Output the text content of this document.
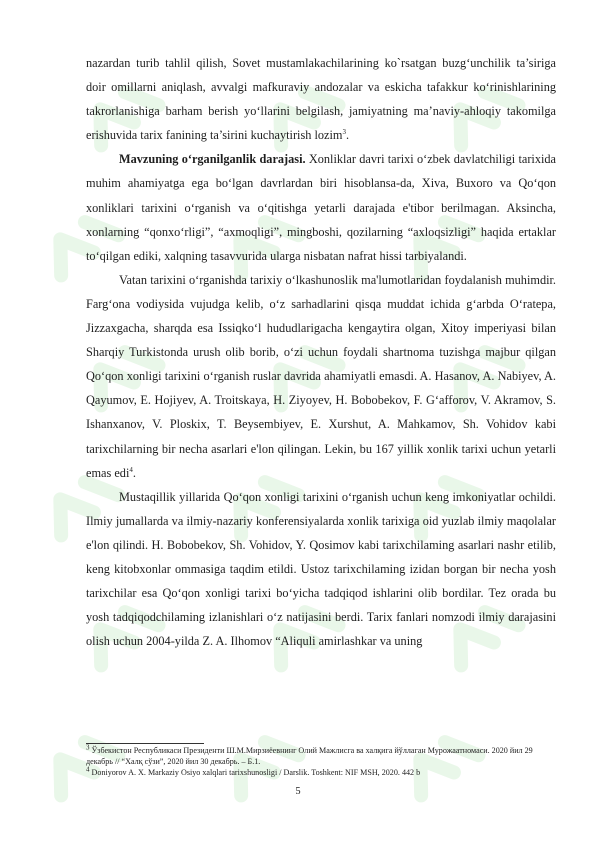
nazardan turib tahlil qilish, Sovet mustamlakachilarining ko`rsatgan buzg‘unchilik ta’siriga doir omillarni aniqlash, avvalgi mafkuraviy andozalar va eskicha tafakkur ko‘rinishlarining takrorlanishiga barham berish yo‘llarini belgilash, jamiyatning ma’naviy-ahloqiy takomilga erishuvida tarix fanining ta’sirini kuchaytirish lozim$^3$.

Mavzuning o‘rganilganlik darajasi. Xonliklar davri tarixi o‘zbek davlatchiligi tarixida muhim ahamiyatga ega bo‘lgan davrlardan biri hisoblansa-da, Xiva, Buxoro va Qo‘qon xonliklari tarixini o‘rganish va o‘qitishga yetarli darajada e'tibor berilmagan. Aksincha, xonlarning “qonxo‘rligi”, “axmoqligi”, mingboshi, qozilarning “axloqsizligi” haqida ertaklar to‘qilgan ediki, xalqning tasavvurida ularga nisbatan nafrat hissi tarbiyalandi.

Vatan tarixini o‘rganishda tarixiy o‘lkashunoslik ma'lumotlaridan foydalanish muhimdir. Farg‘ona vodiysida vujudga kelib, o‘z sarhadlarini qisqa muddat ichida g‘arbda O‘ratepa, Jizzaxgacha, sharqda esa Issiqko‘l hududlarigacha kengaytira olgan, Xitoy imperiyasi bilan Sharqiy Turkistonda urush olib borib, o‘zi uchun foydali shartnoma tuzishga majbur qilgan Qo‘qon xonligi tarixini o‘rganish ruslar davrida ahamiyatli emasdi. A. Hasanov, A. Nabiyev, A. Qayumov, E. Hojiyev, A. Troitskaya, H. Ziyoyev, H. Bobobekov, F. G‘afforov, V. Akramov, S. Ishanxanov, V. Ploskix, T. Beysembiyev, E. Xurshut, A. Mahkamov, Sh. Vohidov kabi tarixchilarning bir necha asarlari e'lon qilingan. Lekin, bu 167 yillik xonlik tarixi uchun yetarli emas edi$^4$.

Mustaqillik yillarida Qo‘qon xonligi tarixini o‘rganish uchun keng imkoniyatlar ochildi. Ilmiy jumallarda va ilmiy-nazariy konferensiyalarda xonlik tarixiga oid yuzlab ilmiy maqolalar e'lon qilindi. H. Bobobekov, Sh. Vohidov, Y. Qosimov kabi tarixchilaming asarlari nashr etilib, keng kitobxonlar ommasiga taqdim etildi. Ustoz tarixchilaming izidan borgan bir necha yosh tarixchilar esa Qo‘qon xonligi tarixi bo‘yicha tadqiqod ishlarini olib bordilar. Tez orada bu yosh tadqiqodchilaming izlanishlari o‘z natijasini berdi. Tarix fanlari nomzodi ilmiy darajasini olish uchun 2004-yilda Z. A. Ilhomov “Aliquli amirlashkar va uning

$^3$ Ўзбекистон Республикаси Президенти Ш.М.Мирзиёевнинг Олий Мажлисга ва халқига йўллаган Мурожаатномаси. 2020 йил 29 декабрь // “Халқ сўзи”, 2020 йил 30 декабрь. – Б.1.
$^4$ Doniyorov A. X. Markaziy Osiyo xalqlari tarixshunosligi / Darslik. Toshkent: NIF MSH, 2020. 442 b
5
